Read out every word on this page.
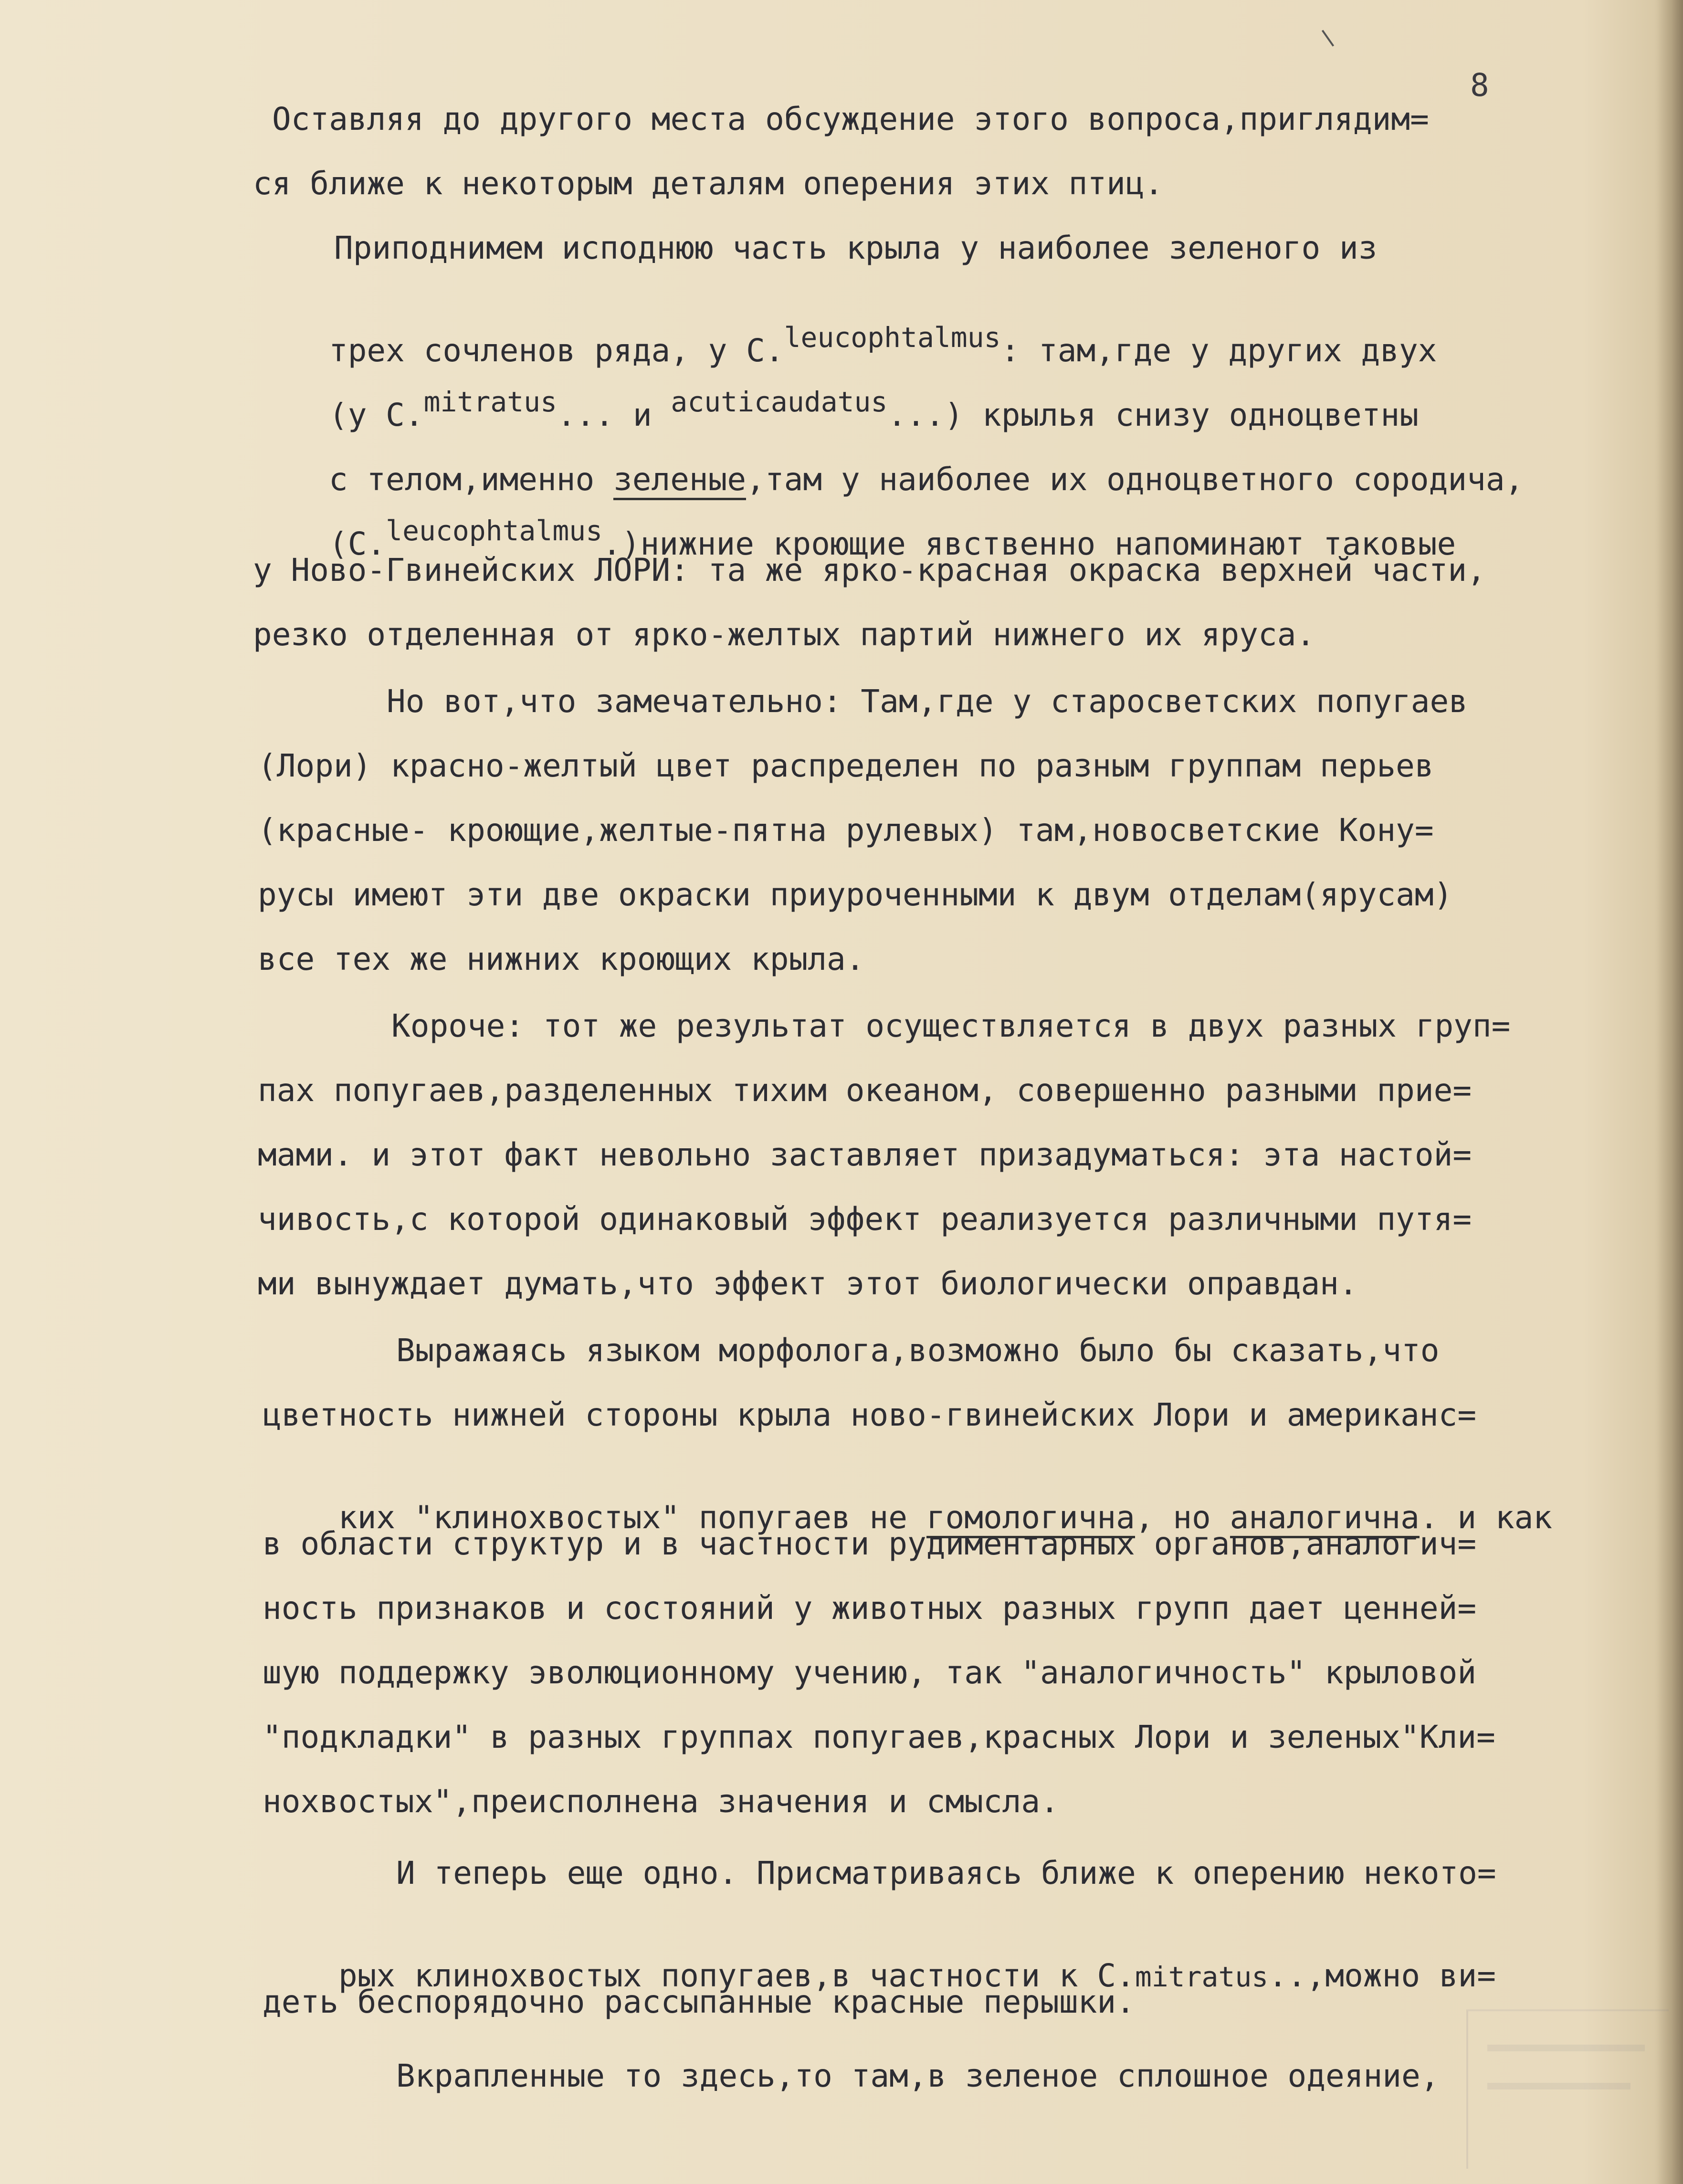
8
Оставляя до другого места обсуждение этого вопроса,приглядим=
ся ближе к некоторым деталям оперения этих птиц.
Приподнимем исподнюю часть крыла у наиболее зеленого из

трех сочленов ряда, у С.leucophtalmus: там,где у других двух

(у С.mitratus... и acuticaudatus...) крылья снизу одноцветны

с телом,именно зеленые,там у наиболее их одноцветного сородича,

(С.leucophtalmus.)нижние кроющие явственно напоминают таковые

у Ново-Гвинейских ЛОРИ: та же ярко-красная окраска верхней части,
резко отделенная от ярко-желтых партий нижнего их яруса.
Но вот,что замечательно: Там,где у старосветских попугаев
(Лори) красно-желтый цвет распределен по разным группам перьев
(красные- кроющие,желтые-пятна рулевых) там,новосветские Кону=
русы имеют эти две окраски приуроченными к двум отделам(ярусам)
все тех же нижних кроющих крыла.
Короче: тот же результат осуществляется в двух разных груп=
пах попугаев,разделенных тихим океаном, совершенно разными прие=
мами. и этот факт невольно заставляет призадуматься: эта настой=
чивость,с которой одинаковый эффект реализуется различными путя=
ми вынуждает думать,что эффект этот биологически оправдан.
Выражаясь языком морфолога,возможно было бы сказать,что
цветность нижней стороны крыла ново-гвинейских Лори и американс=

ких "клинохвостых" попугаев не гомологична, но аналогична. и как

в области структур и в частности рудиментарных органов,аналогич=
ность признаков и состояний у животных разных групп дает ценней=
шую поддержку эволюционному учению, так "аналогичность" крыловой
"подкладки" в разных группах попугаев,красных Лори и зеленых"Кли=
нохвостых",преисполнена значения и смысла.
И теперь еще одно. Присматриваясь ближе к оперению некото=

рых клинохвостых попугаев,в частности к С.mitratus..,можно ви=

деть беспорядочно рассыпанные красные перышки.
Вкрапленные то здесь,то там,в зеленое сплошное одеяние,
